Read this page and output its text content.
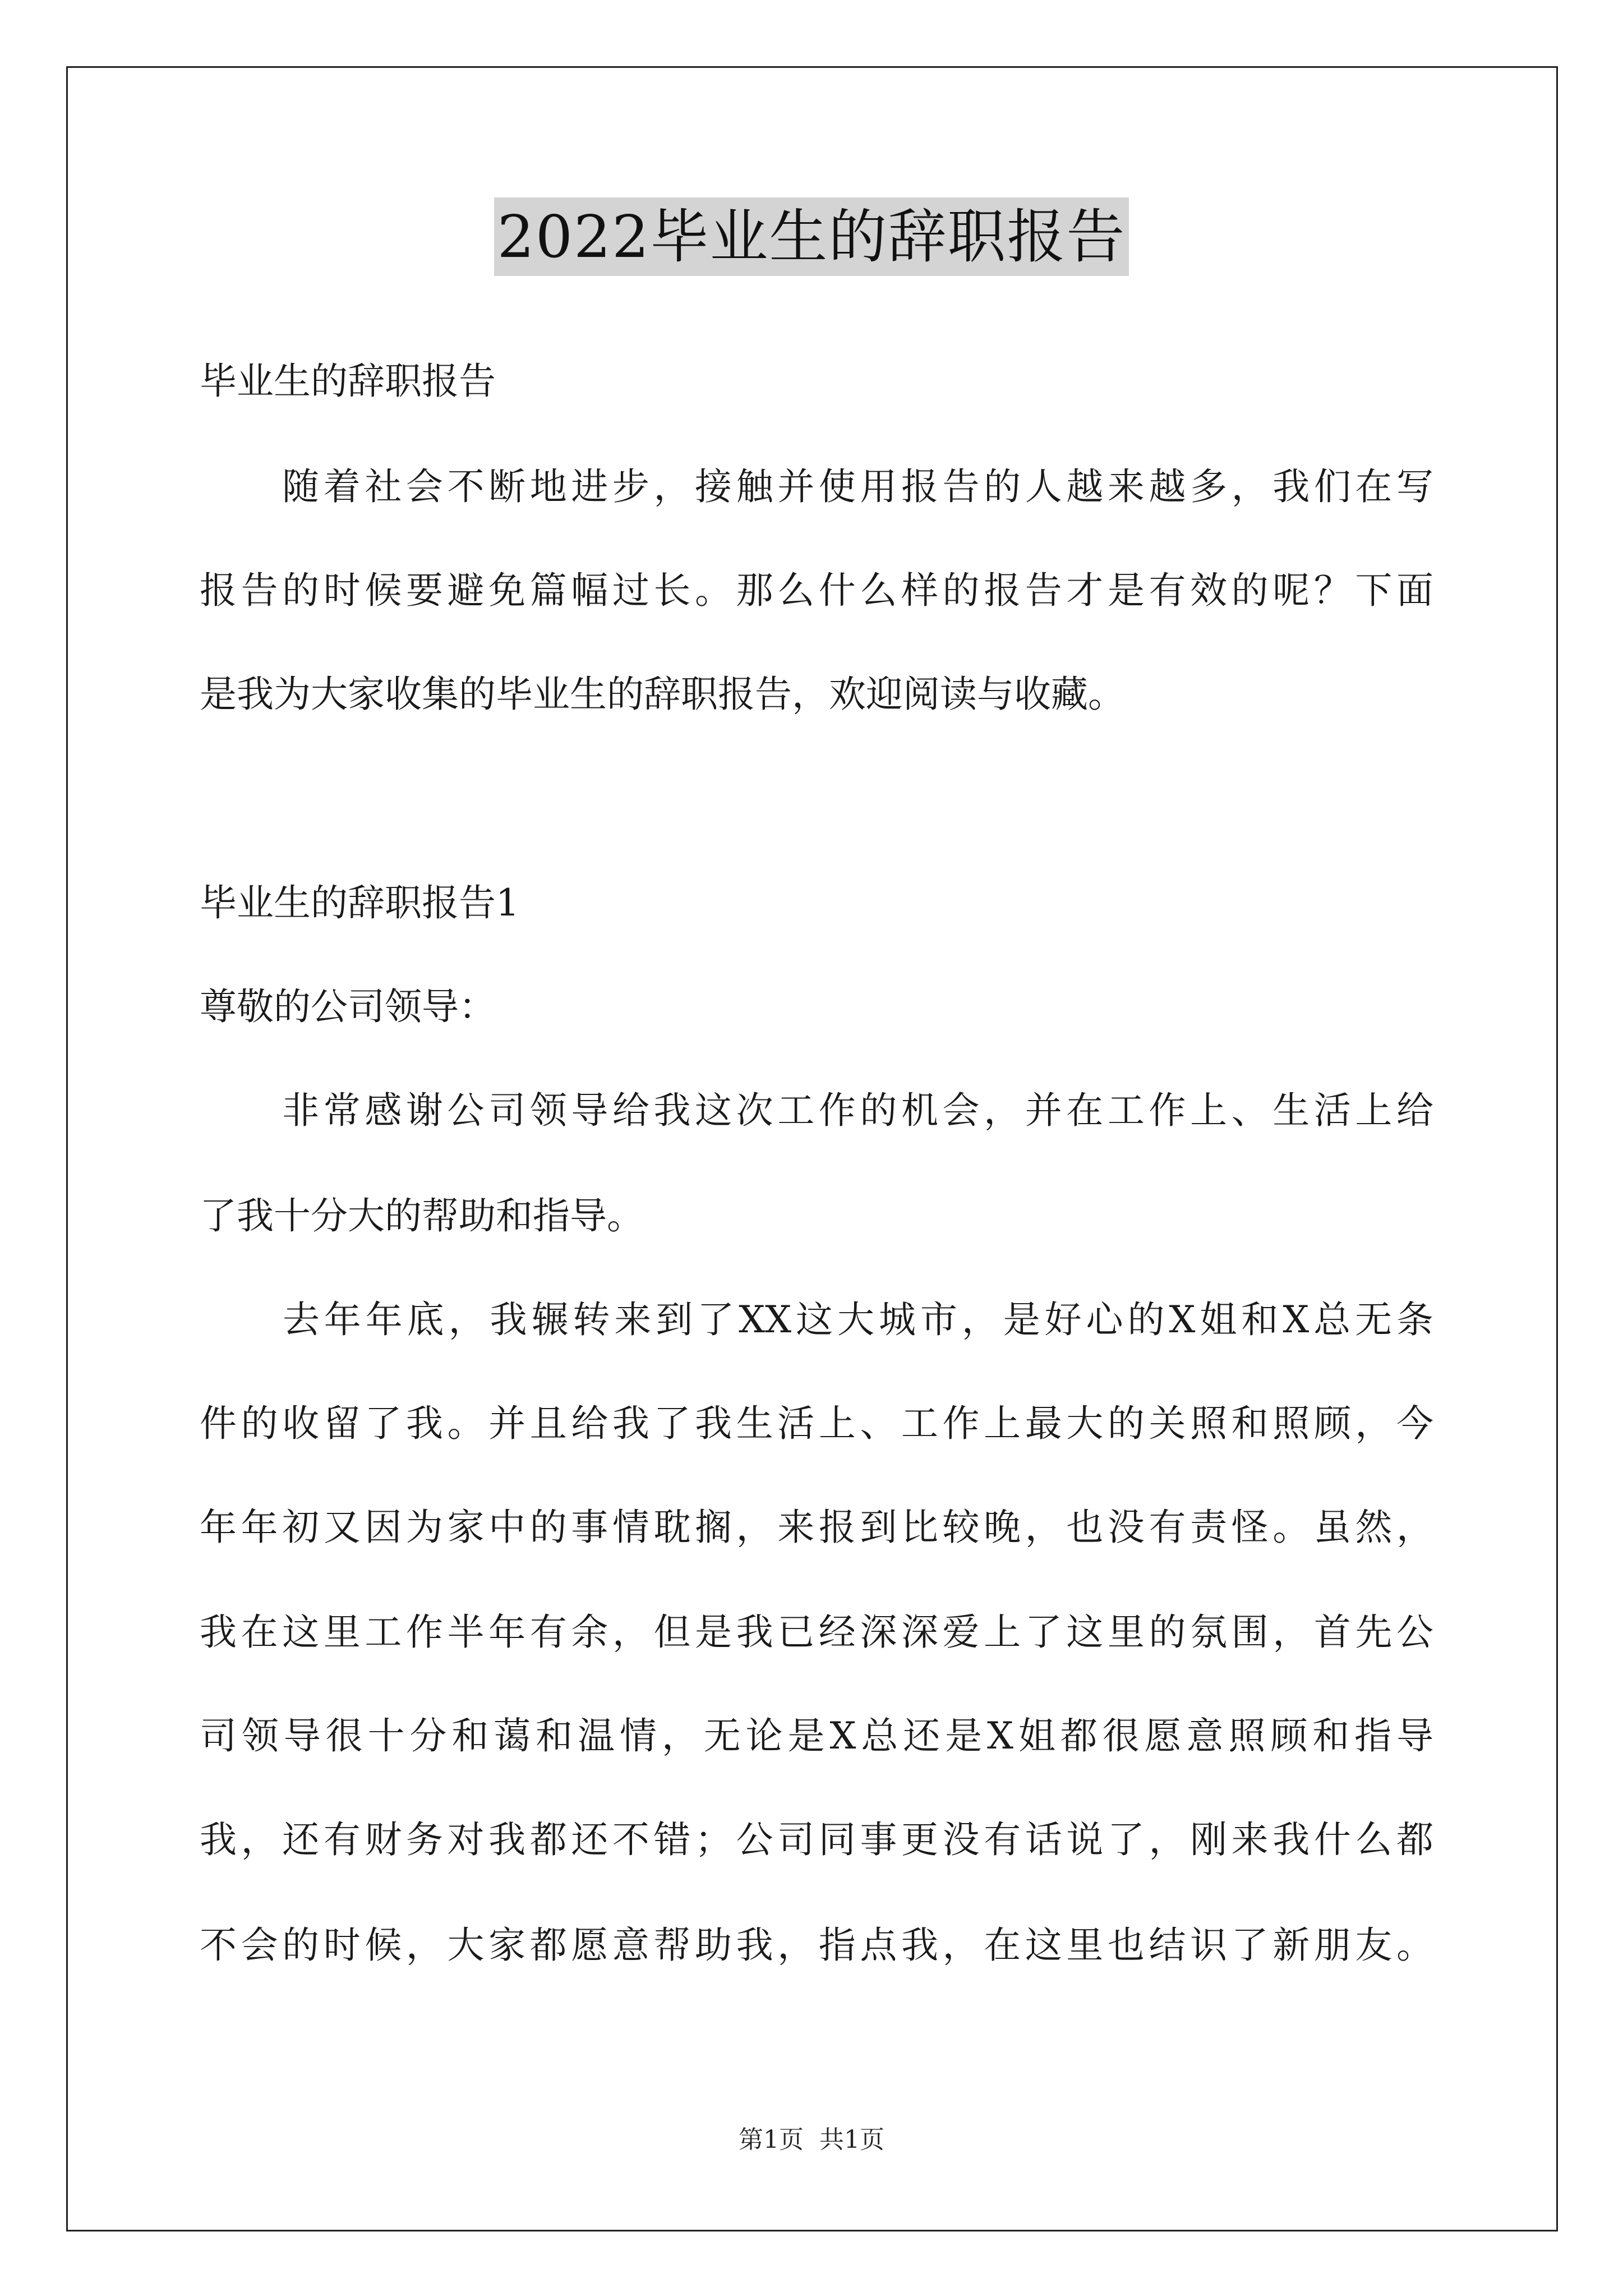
2022毕业生的辞职报告
毕业生的辞职报告
　　随着社会不断地进步，接触并使用报告的人越来越多，我们在写
报告的时候要避免篇幅过长。那么什么样的报告才是有效的呢？下面
是我为大家收集的毕业生的辞职报告，欢迎阅读与收藏。
毕业生的辞职报告1
尊敬的公司领导：
　　非常感谢公司领导给我这次工作的机会，并在工作上、生活上给
了我十分大的帮助和指导。
　　去年年底，我辗转来到了XX这大城市，是好心的X姐和X总无条
件的收留了我。并且给我了我生活上、工作上最大的关照和照顾，今
年年初又因为家中的事情耽搁，来报到比较晚，也没有责怪。虽然，
我在这里工作半年有余，但是我已经深深爱上了这里的氛围，首先公
司领导很十分和蔼和温情，无论是X总还是X姐都很愿意照顾和指导
我，还有财务对我都还不错；公司同事更没有话说了，刚来我什么都
不会的时候，大家都愿意帮助我，指点我，在这里也结识了新朋友。
第1页 共1页
